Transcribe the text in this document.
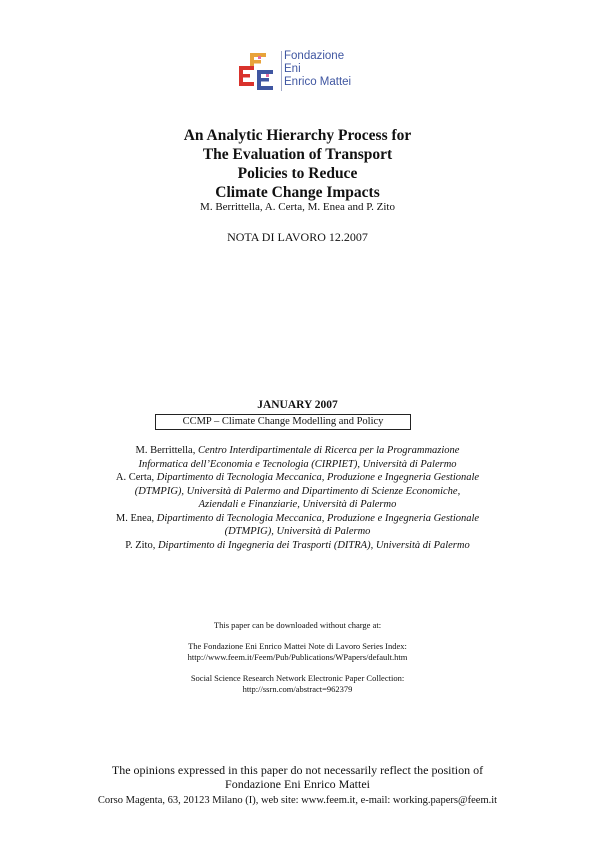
Fondazione
Eni
Enrico Mattei
An Analytic Hierarchy Process for
The Evaluation of Transport
Policies to Reduce
Climate Change Impacts
M. Berrittella, A. Certa, M. Enea and P. Zito
NOTA DI LAVORO 12.2007
JANUARY 2007
CCMP – Climate Change Modelling and Policy
M. Berrittella, Centro Interdipartimentale di Ricerca per la Programmazione
Informatica dell’Economia e Tecnologia (CIRPIET), Università di Palermo
A. Certa, Dipartimento di Tecnologia Meccanica, Produzione e Ingegneria Gestionale
(DTMPIG), Università di Palermo and Dipartimento di Scienze Economiche,
Aziendali e Finanziarie, Università di Palermo
M. Enea, Dipartimento di Tecnologia Meccanica, Produzione e Ingegneria Gestionale
(DTMPIG), Università di Palermo
P. Zito, Dipartimento di Ingegneria dei Trasporti (DITRA), Università di Palermo
This paper can be downloaded without charge at:
The Fondazione Eni Enrico Mattei Note di Lavoro Series Index:
http://www.feem.it/Feem/Pub/Publications/WPapers/default.htm
Social Science Research Network Electronic Paper Collection:
http://ssrn.com/abstract=962379
The opinions expressed in this paper do not necessarily reflect the position of
Fondazione Eni Enrico Mattei
Corso Magenta, 63, 20123 Milano (I), web site: www.feem.it, e-mail: working.papers@feem.it
